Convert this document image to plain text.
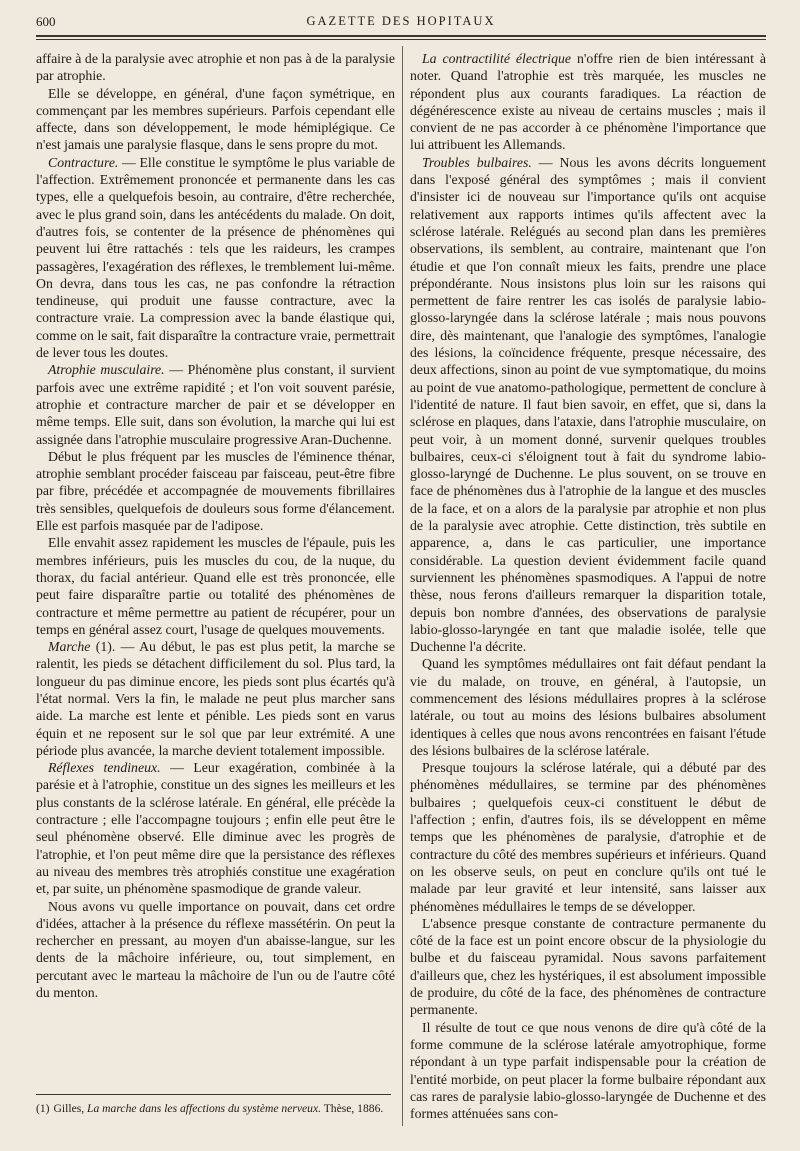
600	GAZETTE DES HOPITAUX

affaire à de la paralysie avec atrophie et non pas à de la paralysie par atrophie.

Elle se développe, en général, d'une façon symétrique, en commençant par les membres supérieurs. Parfois cependant elle affecte, dans son développement, le mode hémiplégique. Ce n'est jamais une paralysie flasque, dans le sens propre du mot.

Contracture. — Elle constitue le symptôme le plus variable de l'affection. Extrêmement prononcée et permanente dans les cas types, elle a quelquefois besoin, au contraire, d'être recherchée, avec le plus grand soin, dans les antécédents du malade. On doit, d'autres fois, se contenter de la présence de phénomènes qui peuvent lui être rattachés : tels que les raideurs, les crampes passagères, l'exagération des réflexes, le tremblement lui-même. On devra, dans tous les cas, ne pas confondre la rétraction tendineuse, qui produit une fausse contracture, avec la contracture vraie. La compression avec la bande élastique qui, comme on le sait, fait disparaître la contracture vraie, permettrait de lever tous les doutes.

Atrophie musculaire. — Phénomène plus constant, il survient parfois avec une extrême rapidité ; et l'on voit souvent parésie, atrophie et contracture marcher de pair et se développer en même temps. Elle suit, dans son évolution, la marche qui lui est assignée dans l'atrophie musculaire progressive Aran-Duchenne.

Début le plus fréquent par les muscles de l'éminence thénar, atrophie semblant procéder faisceau par faisceau, peut-être fibre par fibre, précédée et accompagnée de mouvements fibrillaires très sensibles, quelquefois de douleurs sous forme d'élancement. Elle est parfois masquée par de l'adipose.

Elle envahit assez rapidement les muscles de l'épaule, puis les membres inférieurs, puis les muscles du cou, de la nuque, du thorax, du facial antérieur. Quand elle est très prononcée, elle peut faire disparaître partie ou totalité des phénomènes de contracture et même permettre au patient de récupérer, pour un temps en général assez court, l'usage de quelques mouvements.

Marche (1). — Au début, le pas est plus petit, la marche se ralentit, les pieds se détachent difficilement du sol. Plus tard, la longueur du pas diminue encore, les pieds sont plus écartés qu'à l'état normal. Vers la fin, le malade ne peut plus marcher sans aide. La marche est lente et pénible. Les pieds sont en varus équin et ne reposent sur le sol que par leur extrémité. A une période plus avancée, la marche devient totalement impossible.

Réflexes tendineux. — Leur exagération, combinée à la parésie et à l'atrophie, constitue un des signes les meilleurs et les plus constants de la sclérose latérale. En général, elle précède la contracture ; elle l'accompagne toujours ; enfin elle peut être le seul phénomène observé. Elle diminue avec les progrès de l'atrophie, et l'on peut même dire que la persistance des réflexes au niveau des membres très atrophiés constitue une exagération et, par suite, un phénomène spasmodique de grande valeur.

Nous avons vu quelle importance on pouvait, dans cet ordre d'idées, attacher à la présence du réflexe massétérin. On peut la rechercher en pressant, au moyen d'un abaisse-langue, sur les dents de la mâchoire inférieure, ou, tout simplement, en percutant avec le marteau la mâchoire de l'un ou de l'autre côté du menton.

(1) Gilles, La marche dans les affections du système nerveux. Thèse, 1886.

La contractilité électrique n'offre rien de bien intéressant à noter. Quand l'atrophie est très marquée, les muscles ne répondent plus aux courants faradiques. La réaction de dégénérescence existe au niveau de certains muscles ; mais il convient de ne pas accorder à ce phénomène l'importance que lui attribuent les Allemands.

Troubles bulbaires. — Nous les avons décrits longuement dans l'exposé général des symptômes ; mais il convient d'insister ici de nouveau sur l'importance qu'ils ont acquise relativement aux rapports intimes qu'ils affectent avec la sclérose latérale. Relégués au second plan dans les premières observations, ils semblent, au contraire, maintenant que l'on étudie et que l'on connaît mieux les faits, prendre une place prépondérante. Nous insistons plus loin sur les raisons qui permettent de faire rentrer les cas isolés de paralysie labio-glosso-laryngée dans la sclérose latérale ; mais nous pouvons dire, dès maintenant, que l'analogie des symptômes, l'analogie des lésions, la coïncidence fréquente, presque nécessaire, des deux affections, sinon au point de vue symptomatique, du moins au point de vue anatomo-pathologique, permettent de conclure à l'identité de nature. Il faut bien savoir, en effet, que si, dans la sclérose en plaques, dans l'ataxie, dans l'atrophie musculaire, on peut voir, à un moment donné, survenir quelques troubles bulbaires, ceux-ci s'éloignent tout à fait du syndrome labio-glosso-laryngé de Duchenne. Le plus souvent, on se trouve en face de phénomènes dus à l'atrophie de la langue et des muscles de la face, et on a alors de la paralysie par atrophie et non plus de la paralysie avec atrophie. Cette distinction, très subtile en apparence, a, dans le cas particulier, une importance considérable. La question devient évidemment facile quand surviennent les phénomènes spasmodiques. A l'appui de notre thèse, nous ferons d'ailleurs remarquer la disparition totale, depuis bon nombre d'années, des observations de paralysie labio-glosso-laryngée en tant que maladie isolée, telle que Duchenne l'a décrite.

Quand les symptômes médullaires ont fait défaut pendant la vie du malade, on trouve, en général, à l'autopsie, un commencement des lésions médullaires propres à la sclérose latérale, ou tout au moins des lésions bulbaires absolument identiques à celles que nous avons rencontrées en faisant l'étude des lésions bulbaires de la sclérose latérale.

Presque toujours la sclérose latérale, qui a débuté par des phénomènes médullaires, se termine par des phénomènes bulbaires ; quelquefois ceux-ci constituent le début de l'affection ; enfin, d'autres fois, ils se développent en même temps que les phénomènes de paralysie, d'atrophie et de contracture du côté des membres supérieurs et inférieurs. Quand on les observe seuls, on peut en conclure qu'ils ont tué le malade par leur gravité et leur intensité, sans laisser aux phénomènes médullaires le temps de se développer.

L'absence presque constante de contracture permanente du côté de la face est un point encore obscur de la physiologie du bulbe et du faisceau pyramidal. Nous savons parfaitement d'ailleurs que, chez les hystériques, il est absolument impossible de produire, du côté de la face, des phénomènes de contracture permanente.

Il résulte de tout ce que nous venons de dire qu'à côté de la forme commune de la sclérose latérale amyotrophique, forme répondant à un type parfait indispensable pour la création de l'entité morbide, on peut placer la forme bulbaire répondant aux cas rares de paralysie labio-glosso-laryngée de Duchenne et des formes atténuées sans con-
